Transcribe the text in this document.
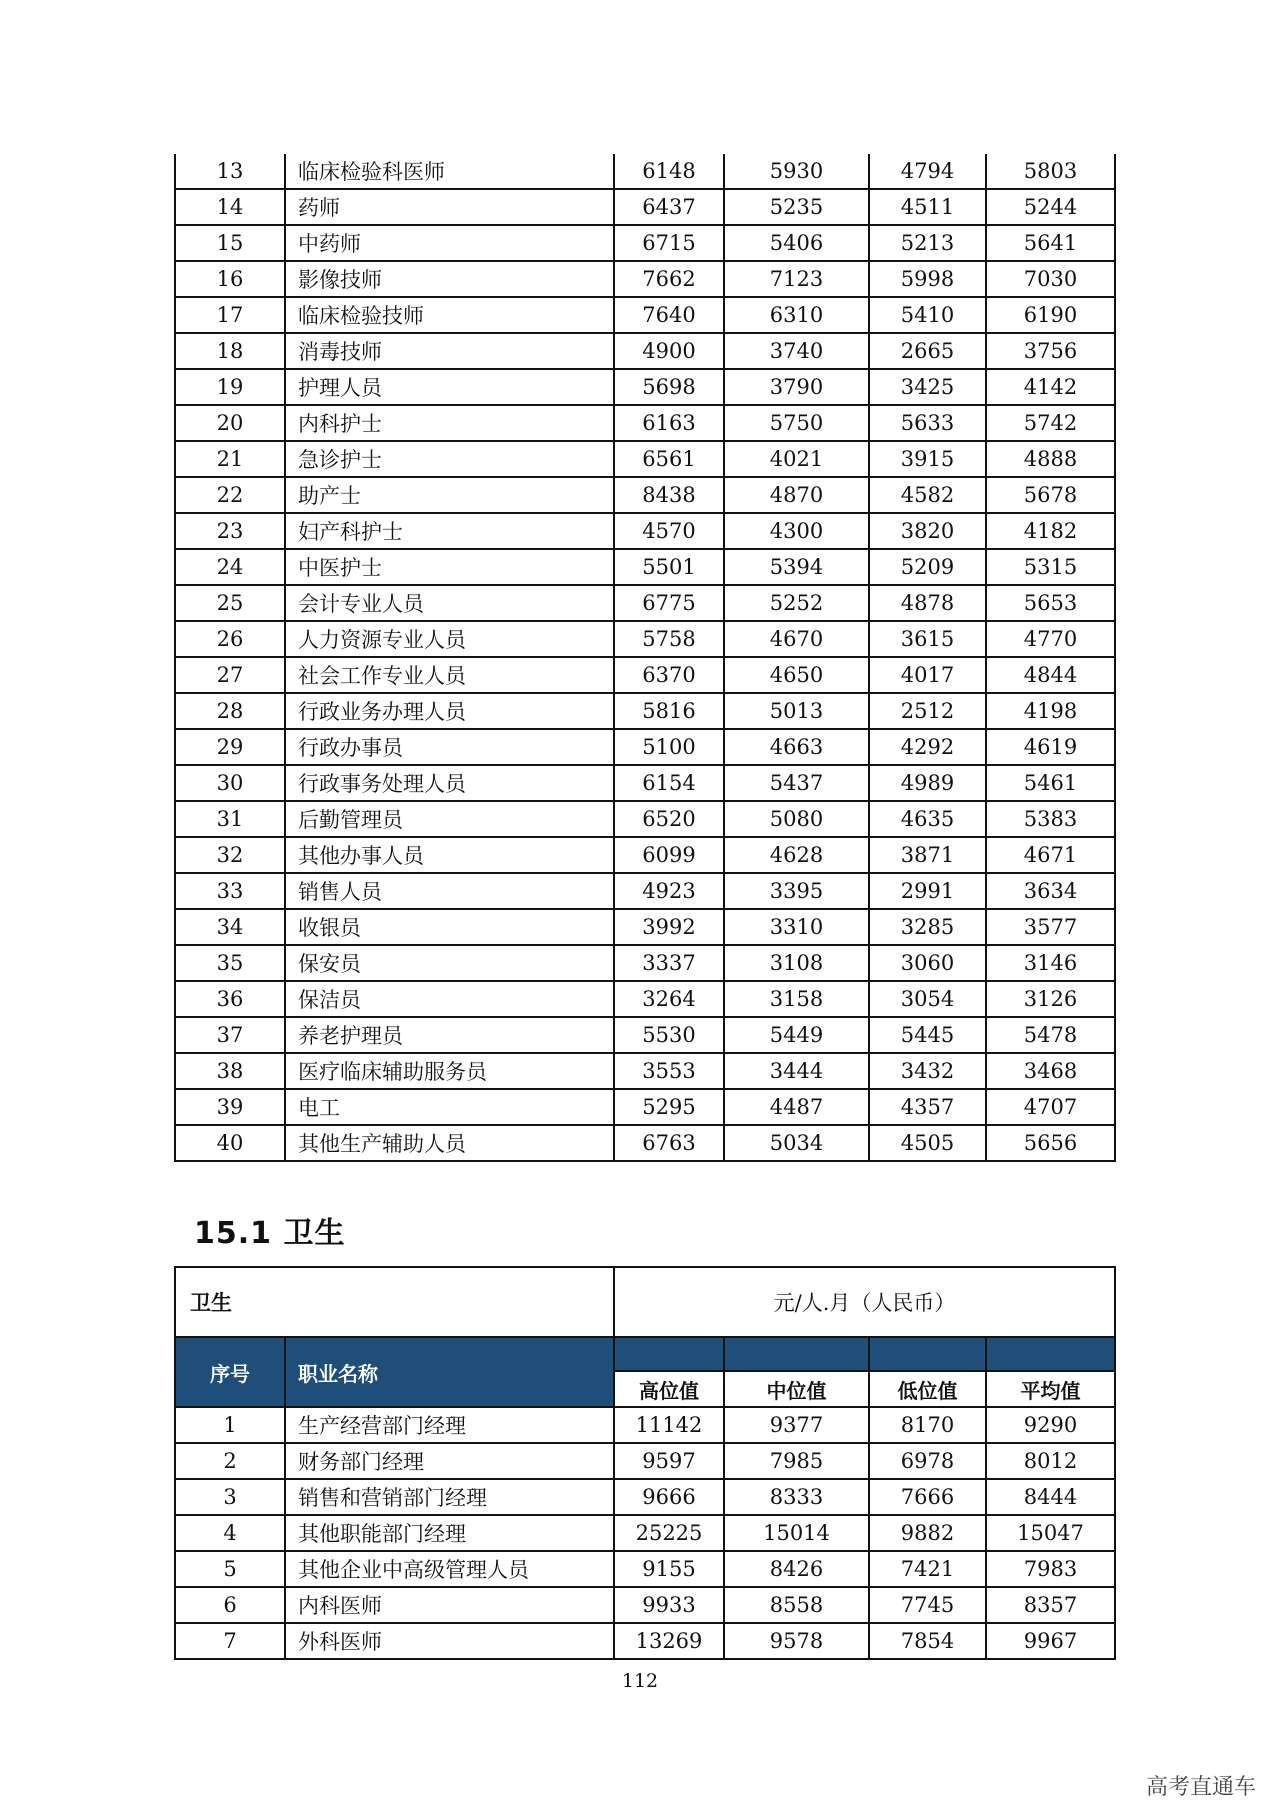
13	临床检验科医师	6148	5930	4794	5803
14	药师	6437	5235	4511	5244
15	中药师	6715	5406	5213	5641
16	影像技师	7662	7123	5998	7030
17	临床检验技师	7640	6310	5410	6190
18	消毒技师	4900	3740	2665	3756
19	护理人员	5698	3790	3425	4142
20	内科护士	6163	5750	5633	5742
21	急诊护士	6561	4021	3915	4888
22	助产士	8438	4870	4582	5678
23	妇产科护士	4570	4300	3820	4182
24	中医护士	5501	5394	5209	5315
25	会计专业人员	6775	5252	4878	5653
26	人力资源专业人员	5758	4670	3615	4770
27	社会工作专业人员	6370	4650	4017	4844
28	行政业务办理人员	5816	5013	2512	4198
29	行政办事员	5100	4663	4292	4619
30	行政事务处理人员	6154	5437	4989	5461
31	后勤管理员	6520	5080	4635	5383
32	其他办事人员	6099	4628	3871	4671
33	销售人员	4923	3395	2991	3634
34	收银员	3992	3310	3285	3577
35	保安员	3337	3108	3060	3146
36	保洁员	3264	3158	3054	3126
37	养老护理员	5530	5449	5445	5478
38	医疗临床辅助服务员	3553	3444	3432	3468
39	电工	5295	4487	4357	4707
40	其他生产辅助人员	6763	5034	4505	5656
15.1 卫生
卫生		元/人.月（人民币）			
序号	职业名称				
		高位值	中位值	低位值	平均值
1	生产经营部门经理	11142	9377	8170	9290
2	财务部门经理	9597	7985	6978	8012
3	销售和营销部门经理	9666	8333	7666	8444
4	其他职能部门经理	25225	15014	9882	15047
5	其他企业中高级管理人员	9155	8426	7421	7983
6	内科医师	9933	8558	7745	8357
7	外科医师	13269	9578	7854	9967
112
高考直通车
